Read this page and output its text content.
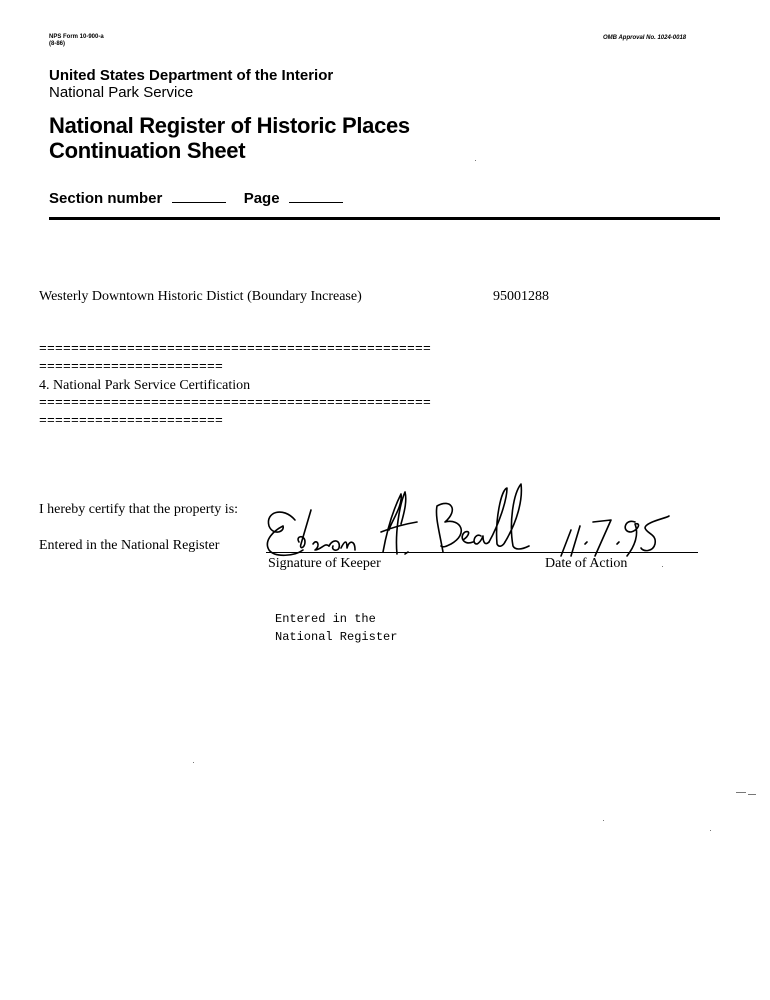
NPS Form 10-900-a
(8-86)
OMB Approval No. 1024-0018
United States Department of the Interior
National Park Service
National Register of Historic Places
Continuation Sheet
Section number	Page
Westerly Downtown Historic Distict (Boundary Increase)	95001288
=================================================
=======================
4. National Park Service Certification
=================================================
=======================
I hereby certify that the property is:
Entered in the National Register
Signature of Keeper	Date of Action
Entered in the
National Register
